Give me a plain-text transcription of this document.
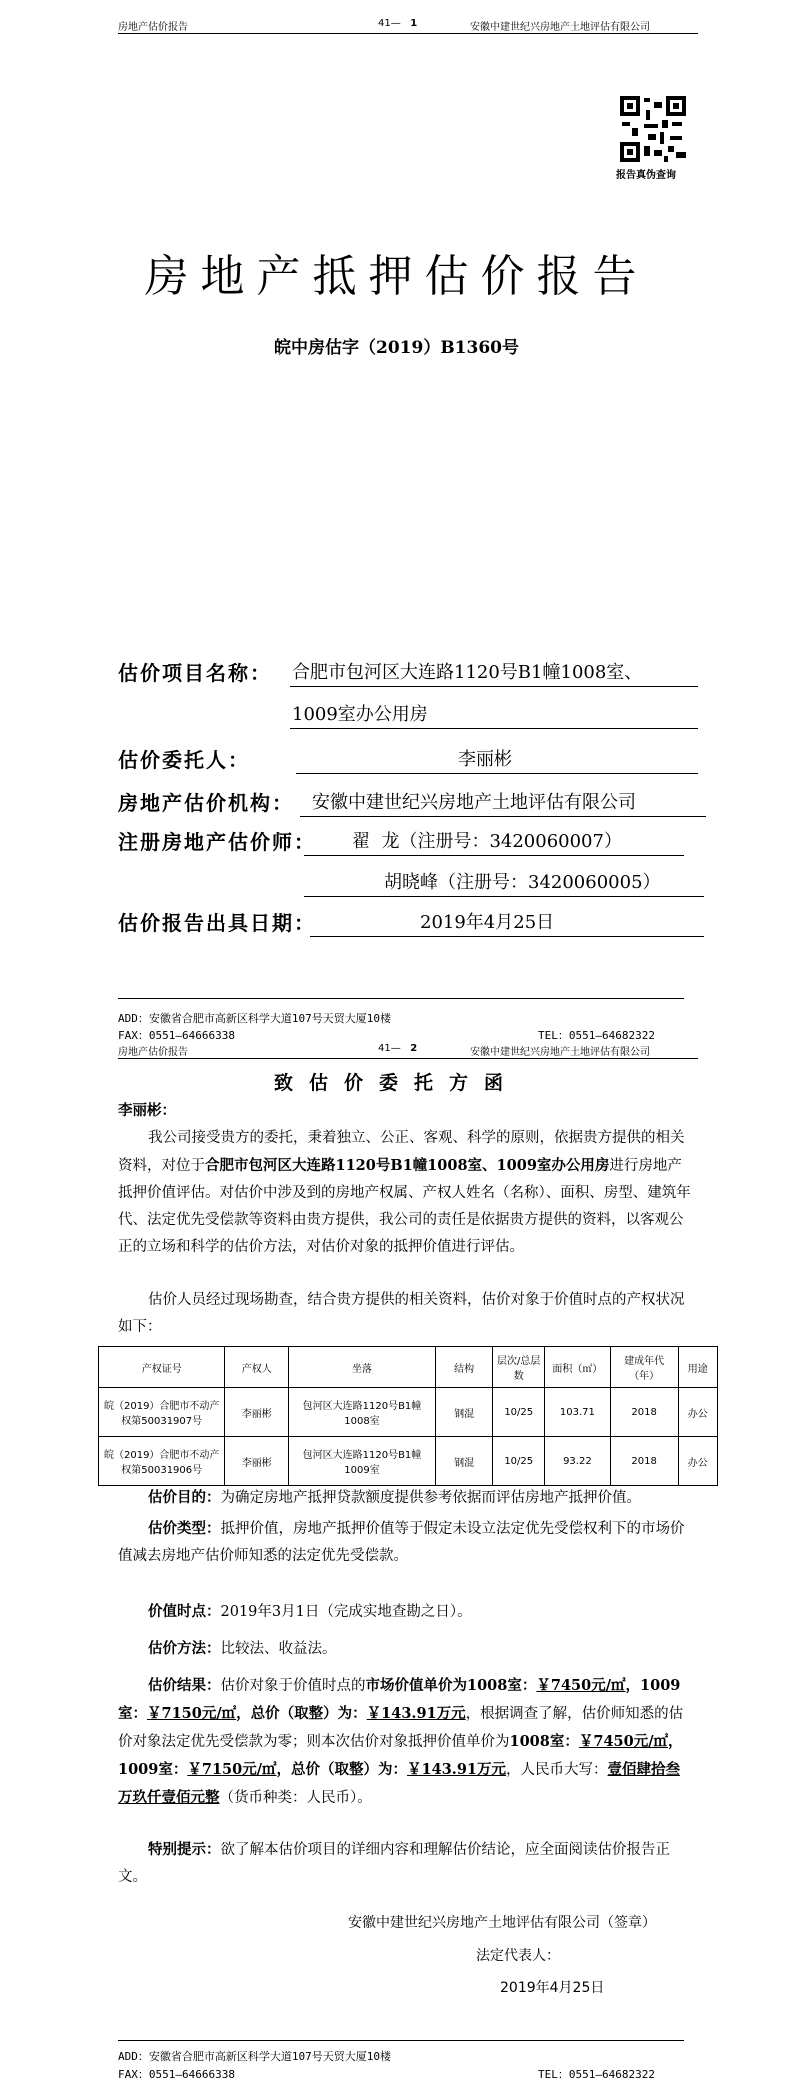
房地产估价报告	41— 1	安徽中建世纪兴房地产土地评估有限公司
报告真伪查询
房地产抵押估价报告
皖中房估字（2019）B1360号
估价项目名称： 合肥市包河区大连路1120号B1幢1008室、
1009室办公用房
估价委托人：	李丽彬
房地产估价机构： 安徽中建世纪兴房地产土地评估有限公司
注册房地产估价师： 翟  龙（注册号：3420060007）
胡晓峰（注册号：3420060005）
估价报告出具日期：	2019年4月25日
ADD：安徽省合肥市高新区科学大道107号天贸大厦10楼
FAX：0551—64666338	TEL：0551—64682322
房地产估价报告	41— 2	安徽中建世纪兴房地产土地评估有限公司
致估价委托方函
李丽彬：
我公司接受贵方的委托，秉着独立、公正、客观、科学的原则，依据贵方提供的相关资料，对位于合肥市包河区大连路1120号B1幢1008室、1009室办公用房进行房地产抵押价值评估。对估价中涉及到的房地产权属、产权人姓名（名称）、面积、房型、建筑年代、法定优先受偿款等资料由贵方提供，我公司的责任是依据贵方提供的资料，以客观公正的立场和科学的估价方法，对估价对象的抵押价值进行评估。
估价人员经过现场勘查，结合贵方提供的相关资料，估价对象于价值时点的产权状况如下：
产权证号	产权人	坐落	结构	层次/总层数	面积（㎡）	建成年代（年）	用途
皖（2019）合肥市不动产权第50031907号	李丽彬	包河区大连路1120号B1幢1008室	钢混	10/25	103.71	2018	办公
皖（2019）合肥市不动产权第50031906号	李丽彬	包河区大连路1120号B1幢1009室	钢混	10/25	93.22	2018	办公
估价目的：为确定房地产抵押贷款额度提供参考依据而评估房地产抵押价值。
估价类型：抵押价值，房地产抵押价值等于假定未设立法定优先受偿权利下的市场价值减去房地产估价师知悉的法定优先受偿款。
价值时点：2019年3月1日（完成实地查勘之日）。
估价方法：比较法、收益法。
估价结果：估价对象于价值时点的市场价值单价为1008室：￥7450元/㎡，1009室：￥7150元/㎡，总价（取整）为：￥143.91万元，根据调查了解，估价师知悉的估价对象法定优先受偿款为零；则本次估价对象抵押价值单价为1008室：￥7450元/㎡，1009室：￥7150元/㎡，总价（取整）为：￥143.91万元，人民币大写：壹佰肆拾叁万玖仟壹佰元整（货币种类：人民币）。
特别提示：欲了解本估价项目的详细内容和理解估价结论，应全面阅读估价报告正文。
安徽中建世纪兴房地产土地评估有限公司（签章）
法定代表人：
2019年4月25日
ADD：安徽省合肥市高新区科学大道107号天贸大厦10楼
FAX：0551—64666338	TEL：0551—64682322
